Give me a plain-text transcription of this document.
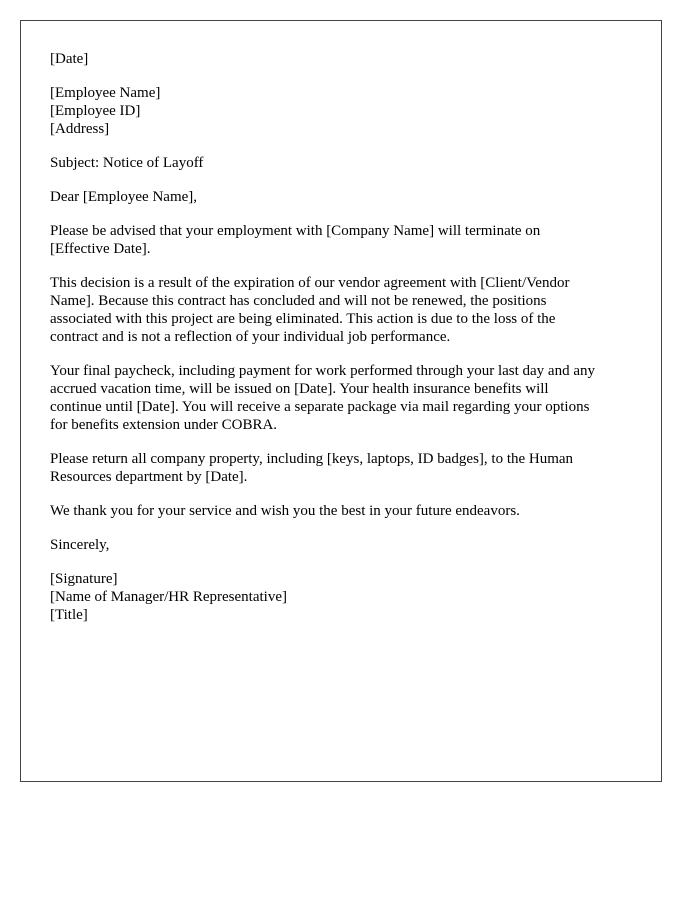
[Date]

[Employee Name]
[Employee ID]
[Address]

Subject: Notice of Layoff

Dear [Employee Name],

Please be advised that your employment with [Company Name] will terminate on
[Effective Date].

This decision is a result of the expiration of our vendor agreement with [Client/Vendor
Name]. Because this contract has concluded and will not be renewed, the positions
associated with this project are being eliminated. This action is due to the loss of the
contract and is not a reflection of your individual job performance.

Your final paycheck, including payment for work performed through your last day and any
accrued vacation time, will be issued on [Date]. Your health insurance benefits will
continue until [Date]. You will receive a separate package via mail regarding your options
for benefits extension under COBRA.

Please return all company property, including [keys, laptops, ID badges], to the Human
Resources department by [Date].

We thank you for your service and wish you the best in your future endeavors.

Sincerely,

[Signature]
[Name of Manager/HR Representative]
[Title]
